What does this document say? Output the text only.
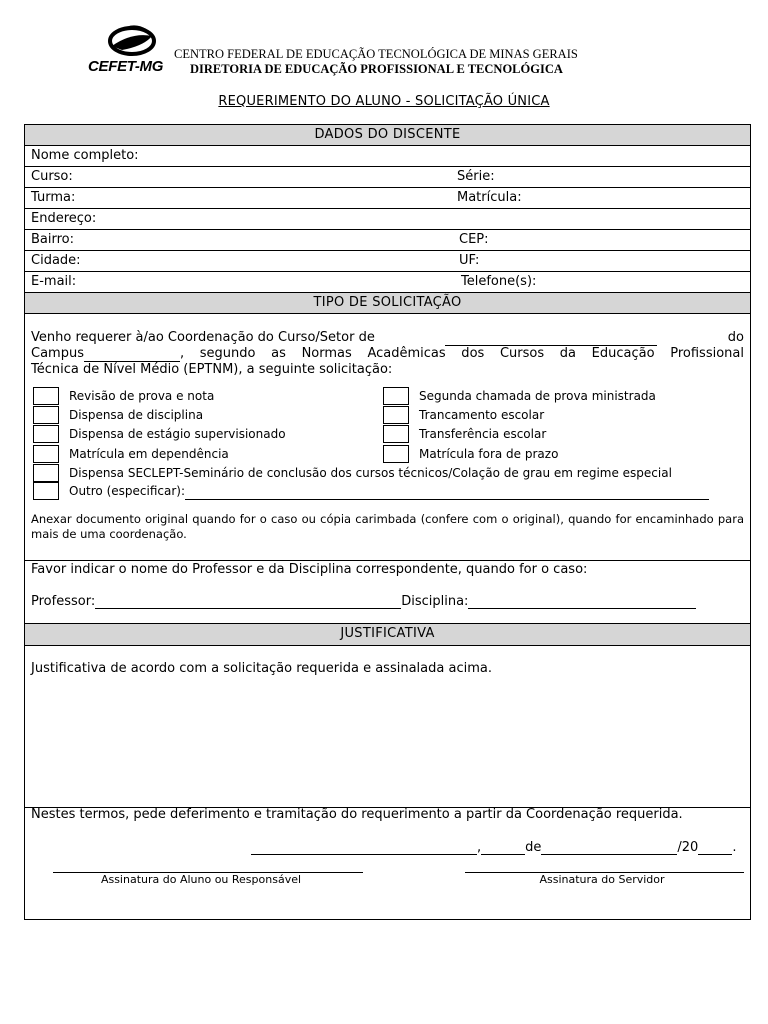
CEFET-MG
CENTRO FEDERAL DE EDUCAÇÃO TECNOLÓGICA DE MINAS GERAIS
DIRETORIA DE EDUCAÇÃO PROFISSIONAL E TECNOLÓGICA
REQUERIMENTO DO ALUNO - SOLICITAÇÃO ÚNICA
DADOS DO DISCENTE
Nome completo:
Curso:	Série:
Turma:	Matrícula:
Endereço:
Bairro:	CEP:
Cidade:	UF:
E-mail:	Telefone(s):
TIPO DE SOLICITAÇÃO
Venho requerer à/ao Coordenação do Curso/Setor de	do
Campus	, segundo as Normas Acadêmicas dos Cursos da Educação Profissional
Técnica de Nível Médio (EPTNM), a seguinte solicitação:
Revisão de prova e nota
Dispensa de disciplina
Dispensa de estágio supervisionado
Matrícula em dependência
Segunda chamada de prova ministrada
Trancamento escolar
Transferência escolar
Matrícula fora de prazo
Dispensa SECLEPT-Seminário de conclusão dos cursos técnicos/Colação de grau em regime especial
Outro (especificar):
Anexar documento original quando for o caso ou cópia carimbada (confere com o original), quando for encaminhado para mais de uma coordenação.
Favor indicar o nome do Professor e da Disciplina correspondente, quando for o caso:
Professor:	Disciplina:
JUSTIFICATIVA
Justificativa de acordo com a solicitação requerida e assinalada acima.
Nestes termos, pede deferimento e tramitação do requerimento a partir da Coordenação requerida.
,	de	/20	.
Assinatura do Aluno ou Responsável	Assinatura do Servidor
